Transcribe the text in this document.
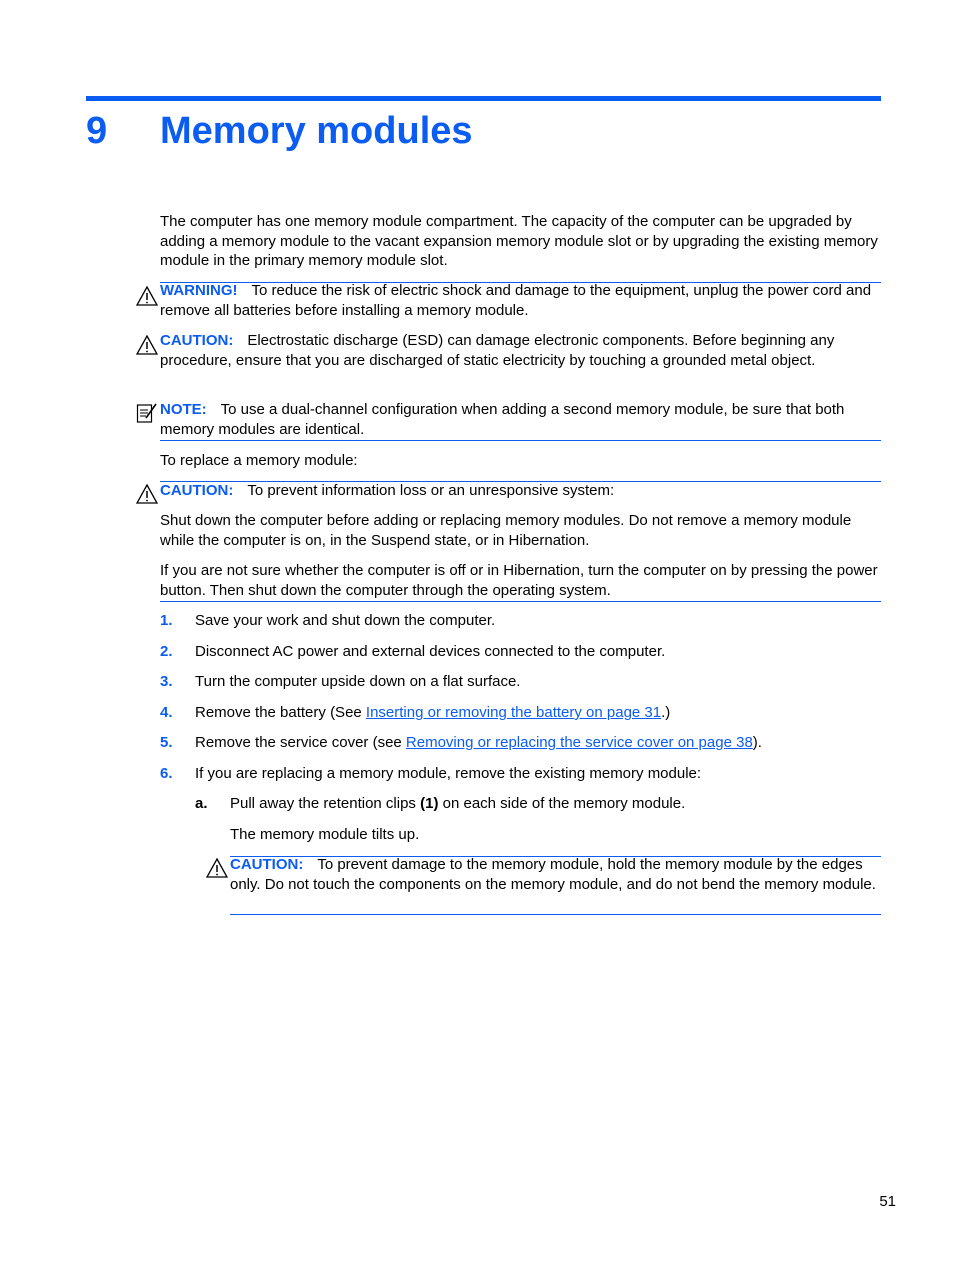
9 Memory modules
The computer has one memory module compartment. The capacity of the computer can be upgraded by adding a memory module to the vacant expansion memory module slot or by upgrading the existing memory module in the primary memory module slot.
WARNING! To reduce the risk of electric shock and damage to the equipment, unplug the power cord and remove all batteries before installing a memory module.
CAUTION: Electrostatic discharge (ESD) can damage electronic components. Before beginning any procedure, ensure that you are discharged of static electricity by touching a grounded metal object.
NOTE: To use a dual-channel configuration when adding a second memory module, be sure that both memory modules are identical.
To replace a memory module:
CAUTION: To prevent information loss or an unresponsive system:
Shut down the computer before adding or replacing memory modules. Do not remove a memory module while the computer is on, in the Suspend state, or in Hibernation.
If you are not sure whether the computer is off or in Hibernation, turn the computer on by pressing the power button. Then shut down the computer through the operating system.
1. Save your work and shut down the computer.
2. Disconnect AC power and external devices connected to the computer.
3. Turn the computer upside down on a flat surface.
4. Remove the battery (See Inserting or removing the battery on page 31.)
5. Remove the service cover (see Removing or replacing the service cover on page 38).
6. If you are replacing a memory module, remove the existing memory module:
a. Pull away the retention clips (1) on each side of the memory module.
The memory module tilts up.
CAUTION: To prevent damage to the memory module, hold the memory module by the edges only. Do not touch the components on the memory module, and do not bend the memory module.
51
